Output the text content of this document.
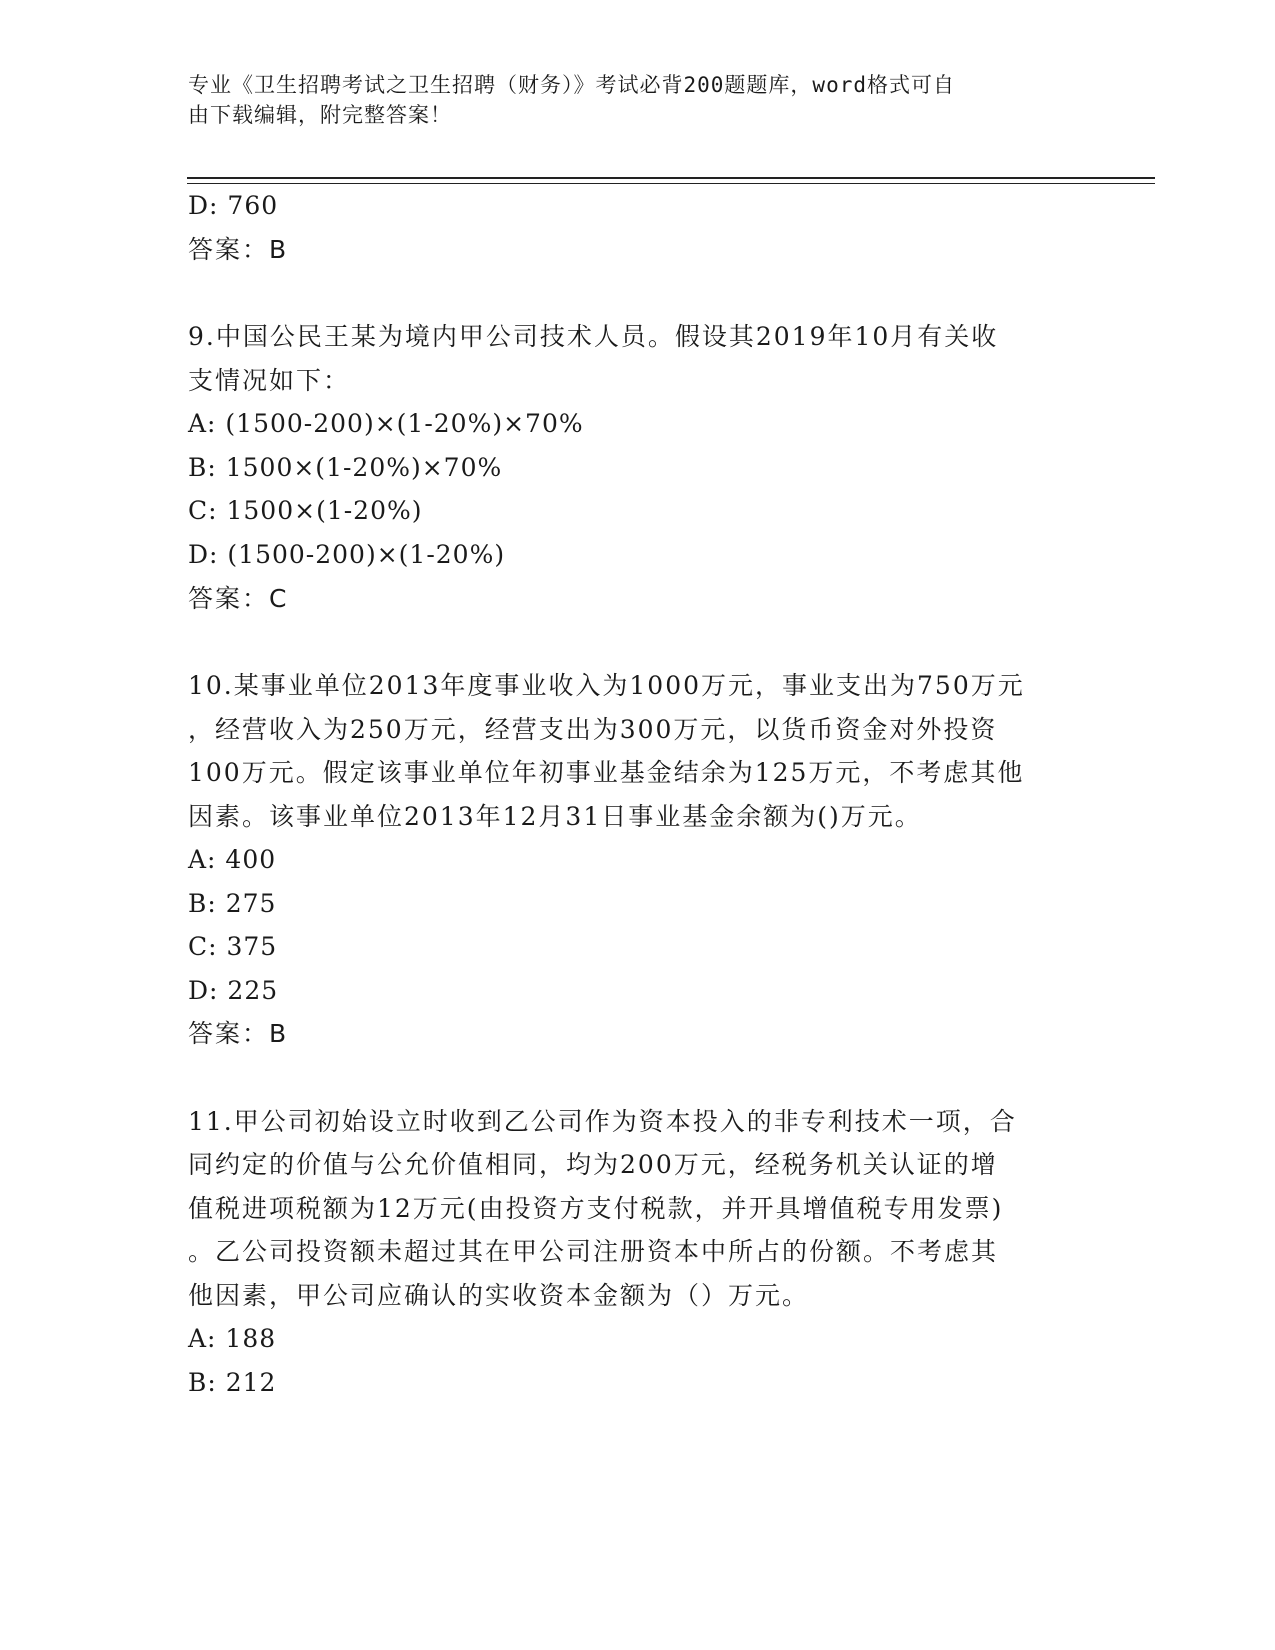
专业《卫生招聘考试之卫生招聘（财务）》考试必背200题题库，word格式可自
由下载编辑，附完整答案！
D: 760
答案：B
9.中国公民王某为境内甲公司技术人员。假设其2019年10月有关收
支情况如下：
A: (1500-200)×(1-20%)×70%
B: 1500×(1-20%)×70%
C: 1500×(1-20%)
D: (1500-200)×(1-20%)
答案：C
10.某事业单位2013年度事业收入为1000万元，事业支出为750万元
，经营收入为250万元，经营支出为300万元，以货币资金对外投资
100万元。假定该事业单位年初事业基金结余为125万元，不考虑其他
因素。该事业单位2013年12月31日事业基金余额为()万元。
A: 400
B: 275
C: 375
D: 225
答案：B
11.甲公司初始设立时收到乙公司作为资本投入的非专利技术一项，合
同约定的价值与公允价值相同，均为200万元，经税务机关认证的增
值税进项税额为12万元(由投资方支付税款，并开具增值税专用发票)
。乙公司投资额未超过其在甲公司注册资本中所占的份额。不考虑其
他因素，甲公司应确认的实收资本金额为（）万元。
A: 188
B: 212
